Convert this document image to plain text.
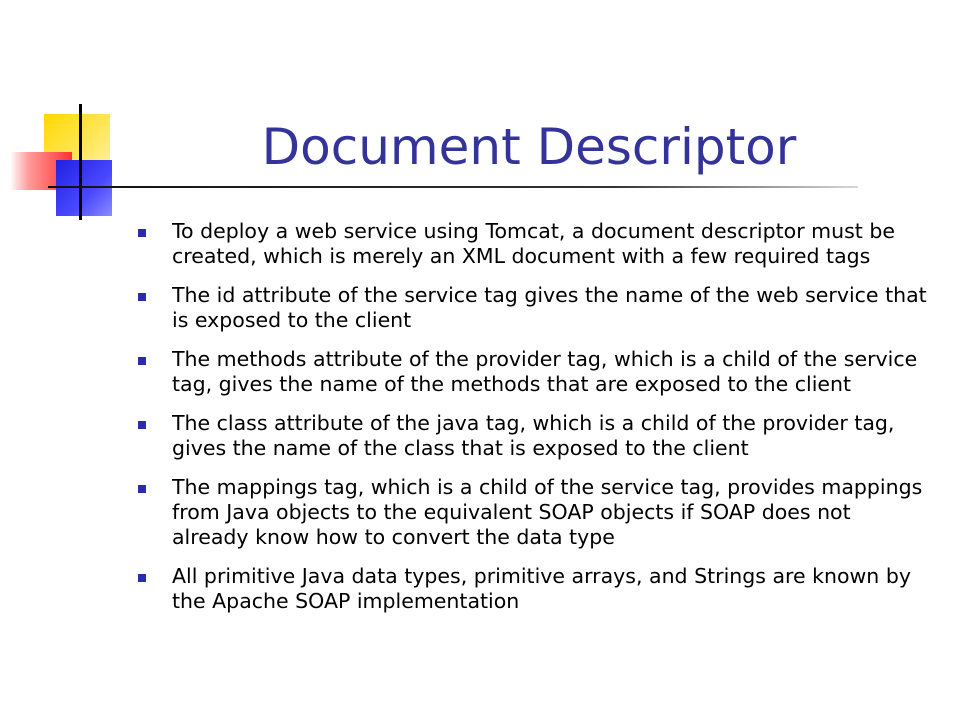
Document Descriptor
To deploy a web service using Tomcat, a document descriptor must be created, which is merely an XML document with a few required tags
The id attribute of the service tag gives the name of the web service that is exposed to the client
The methods attribute of the provider tag, which is a child of the service tag, gives the name of the methods that are exposed to the client
The class attribute of the java tag, which is a child of the provider tag, gives the name of the class that is exposed to the client
The mappings tag, which is a child of the service tag, provides mappings from Java objects to the equivalent SOAP objects if SOAP does not already know how to convert the data type
All primitive Java data types, primitive arrays, and Strings are known by the Apache SOAP implementation
